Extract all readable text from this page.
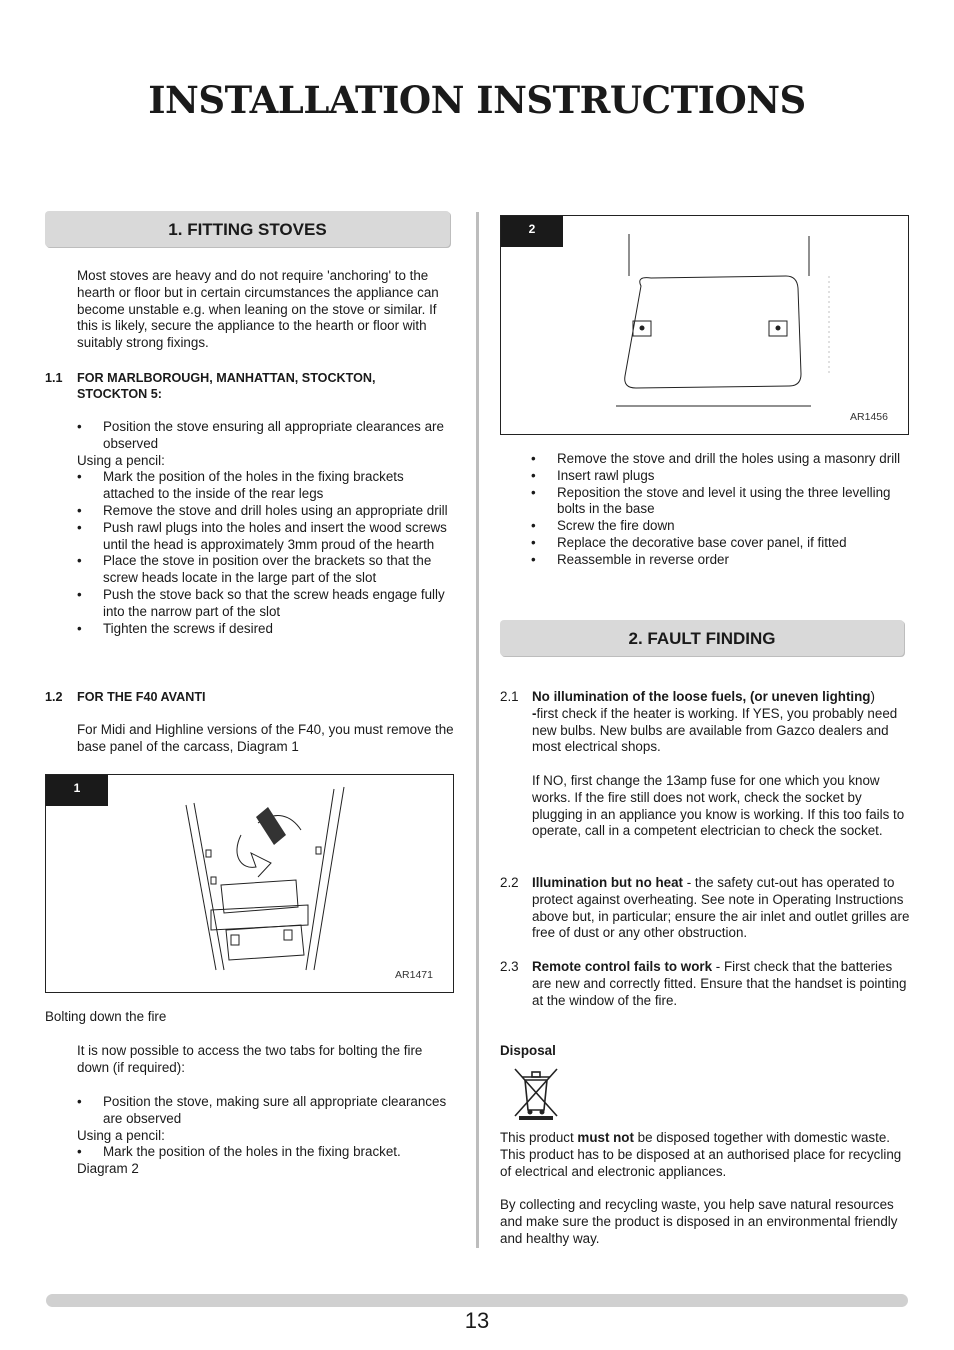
INSTALLATION INSTRUCTIONS
1. FITTING STOVES

Most stoves are heavy and do not require 'anchoring' to the hearth or floor but in certain circumstances the appliance can become unstable e.g. when leaning on the stove or similar. If this is likely, secure the appliance to the hearth or floor with suitably strong fixings.

1.1 FOR MARLBOROUGH, MANHATTAN, STOCKTON, STOCKTON 5:
• Position the stove ensuring all appropriate clearances are observed
Using a pencil:
• Mark the position of the holes in the fixing brackets attached to the inside of the rear legs
• Remove the stove and drill holes using an appropriate drill
• Push rawl plugs into the holes and insert the wood screws until the head is approximately 3mm proud of the hearth
• Place the stove in position over the brackets so that the screw heads locate in the large part of the slot
• Push the stove back so that the screw heads engage fully into the narrow part of the slot
• Tighten the screws if desired
1.2 FOR THE F40 AVANTI

For Midi and Highline versions of the F40, you must remove the base panel of the carcass, Diagram 1

1
AR1471

Bolting down the fire

It is now possible to access the two tabs for bolting the fire down (if required):

• Position the stove, making sure all appropriate clearances are observed
Using a pencil:
• Mark the position of the holes in the fixing bracket.
Diagram 2
2
AR1456
• Remove the stove and drill the holes using a masonry drill
• Insert rawl plugs
• Reposition the stove and level it using the three levelling bolts in the base
• Screw the fire down
• Replace the decorative base cover panel, if fitted
• Reassemble in reverse order
2. FAULT FINDING
2.1 No illumination of the loose fuels, (or uneven lighting)
-first check if the heater is working. If YES, you probably need new bulbs. New bulbs are available from Gazco dealers and most electrical shops.
If NO, first change the 13amp fuse for one which you know works. If the fire still does not work, check the socket by plugging in an appliance you know is working. If this too fails to operate, call in a competent electrician to check the socket.
2.2 Illumination but no heat - the safety cut-out has operated to protect against overheating. See note in Operating Instructions above but, in particular; ensure the air inlet and outlet grilles are free of dust or any other obstruction.
2.3 Remote control fails to work - First check that the batteries are new and correctly fitted. Ensure that the handset is pointing at the window of the fire.

Disposal

This product must not be disposed together with domestic waste. This product has to be disposed at an authorised place for recycling of electrical and electronic appliances.

By collecting and recycling waste, you help save natural resources and make sure the product is disposed in an environmental friendly and healthy way.

13
